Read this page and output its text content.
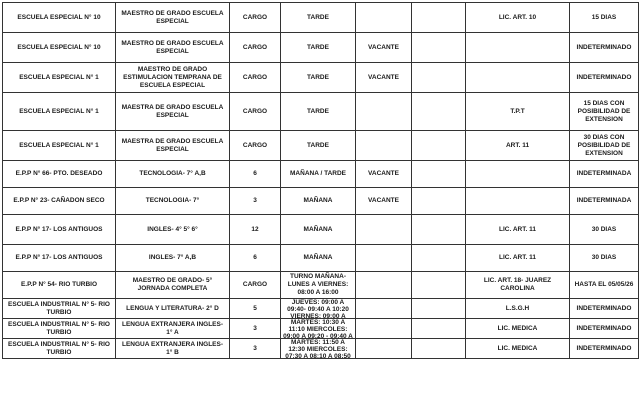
ESCUELA ESPECIAL N° 10	MAESTRO DE GRADO ESCUELA ESPECIAL	CARGO	TARDE			LIC. ART. 10	15 DIAS
ESCUELA ESPECIAL N° 10	MAESTRO DE GRADO ESCUELA ESPECIAL	CARGO	TARDE	VACANTE			INDETERMINADO
ESCUELA ESPECIAL N° 1	MAESTRO DE GRADO ESTIMULACION TEMPRANA DE ESCUELA ESPECIAL	CARGO	TARDE	VACANTE			INDETERMINADO
ESCUELA ESPECIAL N° 1	MAESTRA DE GRADO ESCUELA ESPECIAL	CARGO	TARDE			T.P.T	15 DIAS CON POSIBILIDAD DE EXTENSION
ESCUELA ESPECIAL N° 1	MAESTRA DE GRADO ESCUELA ESPECIAL	CARGO	TARDE			ART. 11	30 DIAS CON POSIBILIDAD DE EXTENSION
E.P.P N° 66- PTO. DESEADO	TECNOLOGIA- 7° A,B	6	MAÑANA / TARDE	VACANTE			INDETERMINADA
E.P.P N° 23- CAÑADON SECO	TECNOLOGIA- 7°	3	MAÑANA	VACANTE			INDETERMINADA
E.P.P N° 17- LOS ANTIGUOS	INGLES- 4° 5° 6°	12	MAÑANA			LIC. ART. 11	30 DIAS
E.P.P N° 17- LOS ANTIGUOS	INGLES- 7° A,B	6	MAÑANA			LIC. ART. 11	30 DIAS
E.P.P N° 54- RIO TURBIO	MAESTRO DE GRADO- 5° JORNADA COMPLETA	CARGO	TURNO MAÑANA- LUNES A VIERNES: 08:00 A 16:00			LIC. ART. 18- JUAREZ CAROLINA	HASTA EL 05/05/26
ESCUELA INDUSTRIAL N° 5- RIO TURBIO	LENGUA Y LITERATURA- 2° D	5	JUEVES: 09:00 A 09:40- 09:40 A 10:20 VIERNES: 09:00 A			L.S.G.H	INDETERMINADO
ESCUELA INDUSTRIAL N° 5- RIO TURBIO	LENGUA EXTRANJERA INGLES- 1° A	3	MARTES: 10:30 A 11:10 MIERCOLES: 09:00 A 09:20 - 09:40 A			LIC. MEDICA	INDETERMINADO
ESCUELA INDUSTRIAL N° 5- RIO TURBIO	LENGUA EXTRANJERA INGLES- 1° B	3	MARTES: 11:50 A 12:30 MIERCOLES: 07:30 A 08:10 A 08:50			LIC. MEDICA	INDETERMINADO
